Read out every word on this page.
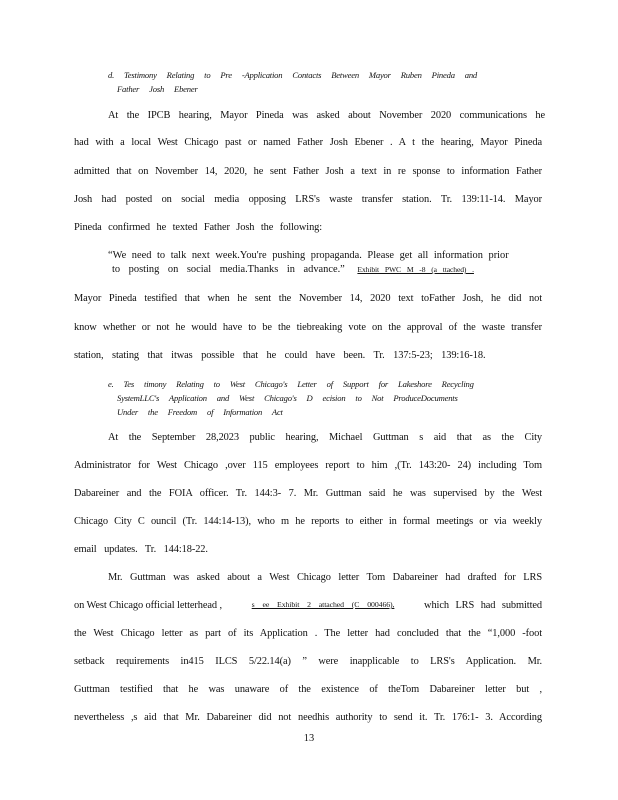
d. Testimony Relating to Pre -Application Contacts Between Mayor Ruben Pineda and
Father Josh Ebener
At the IPCB hearing, Mayor Pineda was asked about November 2020 communications he
had with a local West Chicago past or named Father Josh Ebener . A t the hearing, Mayor Pineda
admitted that on November 14, 2020, he sent Father Josh a text in re sponse to information Father
Josh had posted on social media opposing LRS's waste transfer station. Tr. 139:11-14. Mayor
Pineda confirmed he texted Father Josh the following:
“We need to talk next week.You're pushing propaganda. Please get all information prior
to posting on social media.Thanks in advance.” Exhibit PWC M -8 (a ttached) .
Mayor Pineda testified that when he sent the November 14, 2020 text toFather Josh, he did not
know whether or not he would have to be the tiebreaking vote on the approval of the waste transfer
station, stating that itwas possible that he could have been. Tr. 137:5-23; 139:16-18.
e. Tes timony Relating to West Chicago's Letter of Support for Lakeshore Recycling
SystemLLC's Application and West Chicago's D ecision to Not ProduceDocuments
Under the Freedom of Information Act
At the September 28,2023 public hearing, Michael Guttman s aid that as the City
Administrator for West Chicago ,over 115 employees report to him ,(Tr. 143:20- 24) including Tom
Dabareiner and the FOIA officer. Tr. 144:3- 7. Mr. Guttman said he was supervised by the West
Chicago City C ouncil (Tr. 144:14-13), who m he reports to either in formal meetings or via weekly
email updates. Tr. 144:18-22.
Mr. Guttman was asked about a West Chicago letter Tom Dabareiner had drafted for LRS
on West Chicago official letterhead ,	s ee Exhibit 2 attached (C 000466),	which LRS had submitted
the West Chicago letter as part of its Application . The letter had concluded that the “1,000 -foot
setback requirements in415 ILCS 5/22.14(a) ” were inapplicable to LRS's Application. Mr.
Guttman testified that he was unaware of the existence of theTom Dabareiner letter but ,
nevertheless ,s aid that Mr. Dabareiner did not needhis authority to send it. Tr. 176:1- 3. According
13
